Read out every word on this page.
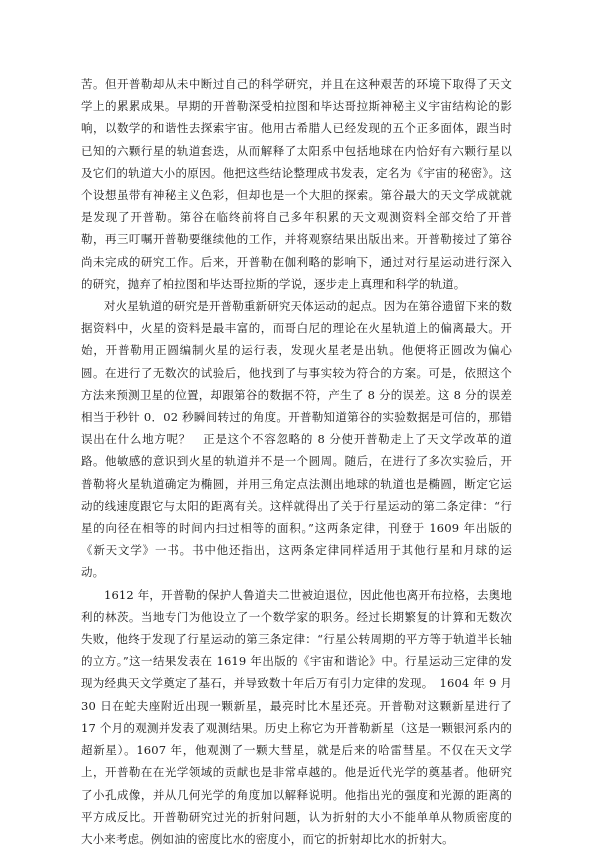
苦。但开普勒却从未中断过自己的科学研究，并且在这种艰苦的环境下取得了天文学上的累累成果。早期的开普勒深受柏拉图和毕达哥拉斯神秘主义宇宙结构论的影响，以数学的和谐性去探索宇宙。他用古希腊人已经发现的五个正多面体，跟当时已知的六颗行星的轨道套迭，从而解释了太阳系中包括地球在内恰好有六颗行星以及它们的轨道大小的原因。他把这些结论整理成书发表，定名为《宇宙的秘密》。这个设想虽带有神秘主义色彩，但却也是一个大胆的探索。第谷最大的天文学成就就是发现了开普勒。第谷在临终前将自己多年积累的天文观测资料全部交给了开普勒，再三叮嘱开普勒要继续他的工作，并将观察结果出版出来。开普勒接过了第谷尚未完成的研究工作。后来，开普勒在伽利略的影响下，通过对行星运动进行深入的研究，抛弃了柏拉图和毕达哥拉斯的学说，逐步走上真理和科学的轨道。

对火星轨道的研究是开普勒重新研究天体运动的起点。因为在第谷遗留下来的数据资料中，火星的资料是最丰富的，而哥白尼的理论在火星轨道上的偏离最大。开始，开普勒用正圆编制火星的运行表，发现火星老是出轨。他便将正圆改为偏心圆。在进行了无数次的试验后，他找到了与事实较为符合的方案。可是，依照这个方法来预测卫星的位置，却跟第谷的数据不符，产生了 8 分的误差。这 8 分的误差相当于秒针 0．02 秒瞬间转过的角度。开普勒知道第谷的实验数据是可信的，那错误出在什么地方呢？　正是这个不容忽略的 8 分使开普勒走上了天文学改革的道路。他敏感的意识到火星的轨道并不是一个圆周。随后，在进行了多次实验后，开普勒将火星轨道确定为椭圆，并用三角定点法测出地球的轨道也是椭圆，断定它运动的线速度跟它与太阳的距离有关。这样就得出了关于行星运动的第二条定律：“行星的向径在相等的时间内扫过相等的面积。”这两条定律，刊登于 1609 年出版的《新天文学》一书。书中他还指出，这两条定律同样适用于其他行星和月球的运动。

1612 年，开普勒的保护人鲁道夫二世被迫退位，因此他也离开布拉格，去奥地利的林茨。当地专门为他设立了一个数学家的职务。经过长期繁复的计算和无数次失败，他终于发现了行星运动的第三条定律：“行星公转周期的平方等于轨道半长轴的立方。”这一结果发表在 1619 年出版的《宇宙和谐论》中。行星运动三定律的发现为经典天文学奠定了基石，并导致数十年后万有引力定律的发现。　1604 年 9 月 30 日在蛇夫座附近出现一颗新星，最亮时比木星还亮。开普勒对这颗新星进行了 17 个月的观测并发表了观测结果。历史上称它为开普勒新星（这是一颗银河系内的超新星）。1607 年，他观测了一颗大彗星，就是后来的哈雷彗星。不仅在天文学上，开普勒在在光学领域的贡献也是非常卓越的。他是近代光学的奠基者。他研究了小孔成像，并从几何光学的角度加以解释说明。他指出光的强度和光源的距离的平方成反比。开普勒研究过光的折射问题，认为折射的大小不能单单从物质密度的大小来考虑。例如油的密度比水的密度小，而它的折射却比水的折射大。
